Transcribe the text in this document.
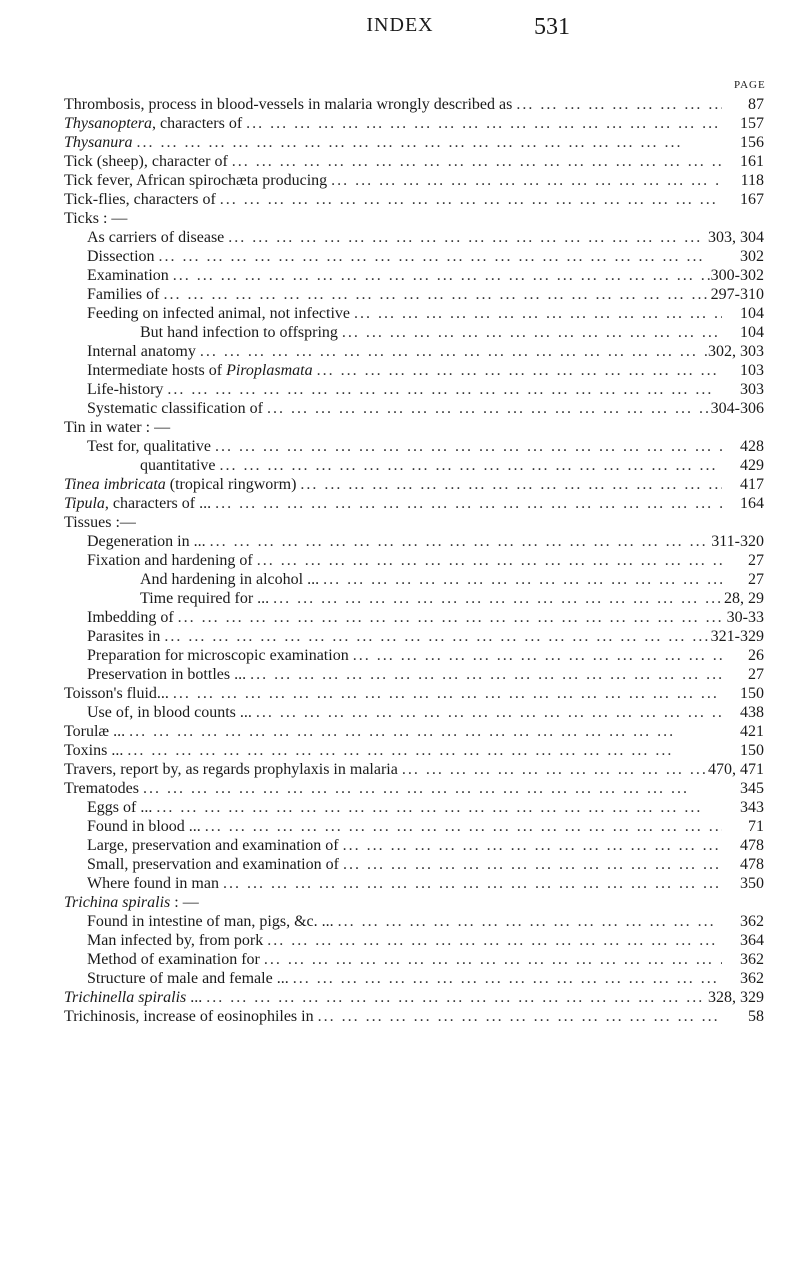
INDEX	531
PAGE
Thrombosis, process in blood-vessels in malaria wrongly described as ... .	87
Thysanoptera, characters of ... .	157
Thysanura ... .	156
Tick (sheep), character of ... .	161
Tick fever, African spirochæta producing ... .	118
Tick-flies, characters of ... .	167
Ticks : —
As carriers of disease ... .	303, 304
Dissection ... .	302
Examination ... .	300-302
Families of ... .	297-310
Feeding on infected animal, not infective ... .	104
But hand infection to offspring ... .	104
Internal anatomy ... .	302, 303
Intermediate hosts of Piroplasmata ... .	103
Life-history ... .	303
Systematic classification of ... .	304-306
Tin in water : —
Test for, qualitative ... .	428
quantitative ... .	429
Tinea imbricata (tropical ringworm) ... .	417
Tipula, characters of ... ... .	164
Tissues :—
Degeneration in ... ... .	311-320
Fixation and hardening of ... .	27
And hardening in alcohol ... ... .	27
Time required for ... ... .	28, 29
Imbedding of ... .	30-33
Parasites in ... .	321-329
Preparation for microscopic examination ... .	26
Preservation in bottles ... ... .	27
Toisson's fluid... ... .	150
Use of, in blood counts ... ... .	438
Torulæ ... ... .	421
Toxins ... ... .	150
Travers, report by, as regards prophylaxis in malaria ... .	470, 471
Trematodes ... .	345
Eggs of ... ... .	343
Found in blood ... ... .	71
Large, preservation and examination of ... .	478
Small, preservation and examination of ... .	478
Where found in man ... .	350
Trichina spiralis : —
Found in intestine of man, pigs, &c. ... ... .	362
Man infected by, from pork ... .	364
Method of examination for ... .	362
Structure of male and female ... ... .	362
Trichinella spiralis ... ... .	328, 329
Trichinosis, increase of eosinophiles in ... .	58
